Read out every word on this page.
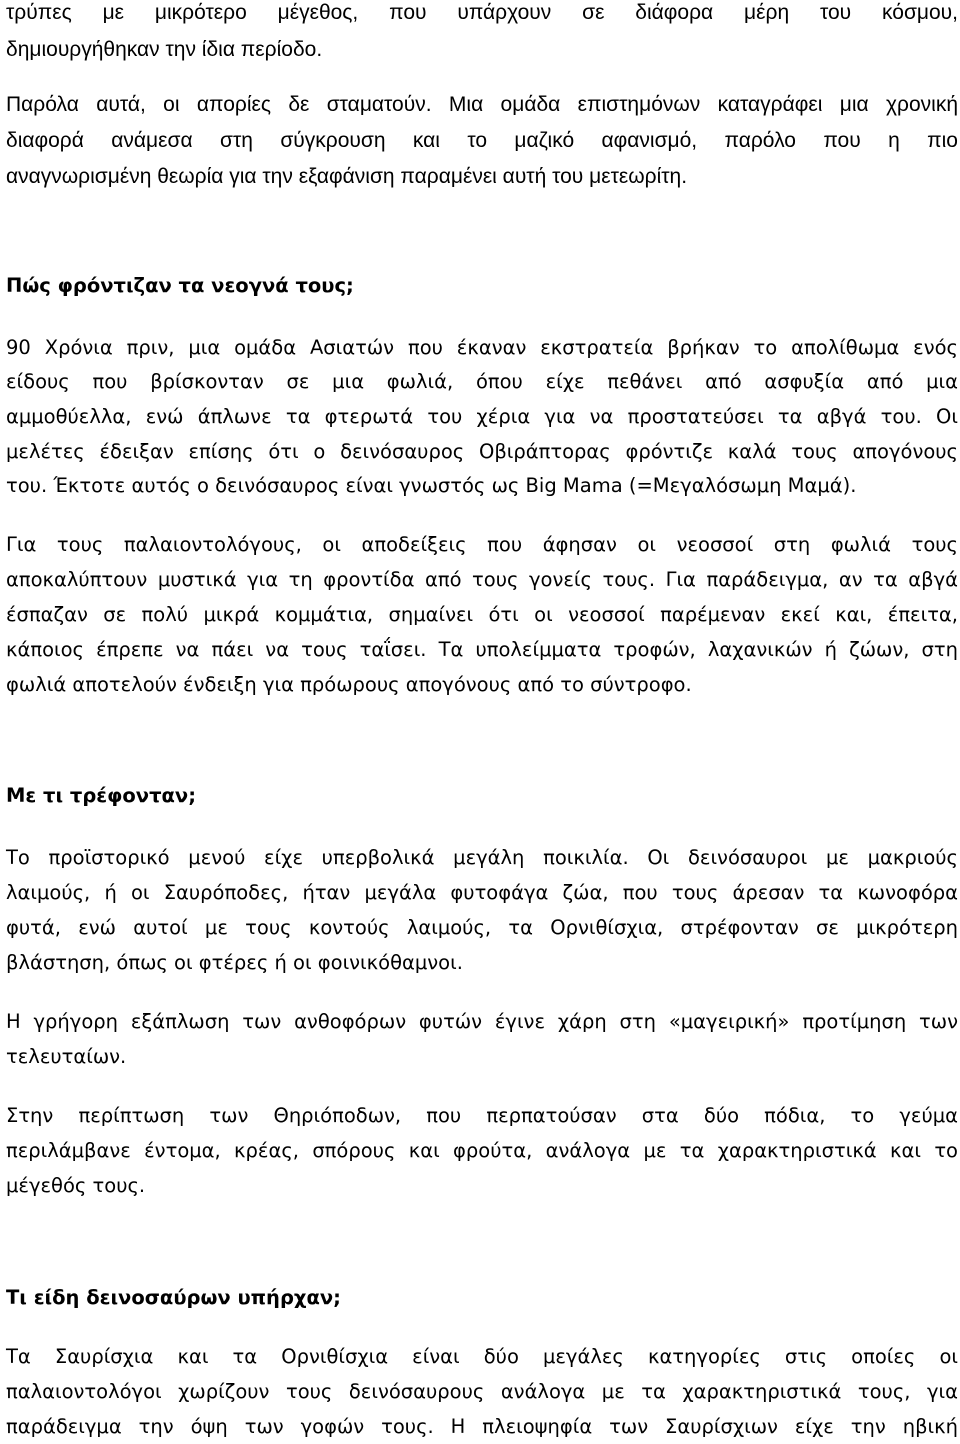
τρύπες με μικρότερο μέγεθος, που υπάρχουν σε διάφορα μέρη του κόσμου,

δημιουργήθηκαν την ίδια περίοδο.

Παρόλα αυτά, οι απορίες δε σταματούν. Μια ομάδα επιστημόνων καταγράφει μια χρονική

διαφορά ανάμεσα στη σύγκρουση και το μαζικό αφανισμό, παρόλο που η πιο

αναγνωρισμένη θεωρία για την εξαφάνιση παραμένει αυτή του μετεωρίτη.

Πώς φρόντιζαν τα νεογνά τους;

90 Χρόνια πριν, μια ομάδα Ασιατών που έκαναν εκστρατεία βρήκαν το απολίθωμα ενός

είδους που βρίσκονταν σε μια φωλιά, όπου είχε πεθάνει από ασφυξία από μια

αμμοθύελλα, ενώ άπλωνε τα φτερωτά του χέρια για να προστατεύσει τα αβγά του. Οι

μελέτες έδειξαν επίσης ότι ο δεινόσαυρος Οβιράπτορας φρόντιζε καλά τους απογόνους

του. Έκτοτε αυτός ο δεινόσαυρος είναι γνωστός ως Big Mama (=Μεγαλόσωμη Μαμά).

Για τους παλαιοντολόγους, οι αποδείξεις που άφησαν οι νεοσσοί στη φωλιά τους

αποκαλύπτουν μυστικά για τη φροντίδα από τους γονείς τους. Για παράδειγμα, αν τα αβγά

έσπαζαν σε πολύ μικρά κομμάτια, σημαίνει ότι οι νεοσσοί παρέμεναν εκεί και, έπειτα,

κάποιος έπρεπε να πάει να τους ταΐσει. Τα υπολείμματα τροφών, λαχανικών ή ζώων, στη

φωλιά αποτελούν ένδειξη για πρόωρους απογόνους από το σύντροφο.

Με τι τρέφονταν;

Το προϊστορικό μενού είχε υπερβολικά μεγάλη ποικιλία. Οι δεινόσαυροι με μακριούς

λαιμούς, ή οι Σαυρόποδες, ήταν μεγάλα φυτοφάγα ζώα, που τους άρεσαν τα κωνοφόρα

φυτά, ενώ αυτοί με τους κοντούς λαιμούς, τα Ορνιθίσχια, στρέφονταν σε μικρότερη

βλάστηση, όπως οι φτέρες ή οι φοινικόθαμνοι.

Η γρήγορη εξάπλωση των ανθοφόρων φυτών έγινε χάρη στη «μαγειρική» προτίμηση των

τελευταίων.

Στην περίπτωση των Θηριόποδων, που περπατούσαν στα δύο πόδια, το γεύμα

περιλάμβανε έντομα, κρέας, σπόρους και φρούτα, ανάλογα με τα χαρακτηριστικά και το

μέγεθός τους.

Τι είδη δεινοσαύρων υπήρχαν;

Τα Σαυρίσχια και τα Ορνιθίσχια είναι δύο μεγάλες κατηγορίες στις οποίες οι

παλαιοντολόγοι χωρίζουν τους δεινόσαυρους ανάλογα με τα χαρακτηριστικά τους, για

παράδειγμα την όψη των γοφών τους. Η πλειοψηφία των Σαυρίσχιων είχε την ηβική
